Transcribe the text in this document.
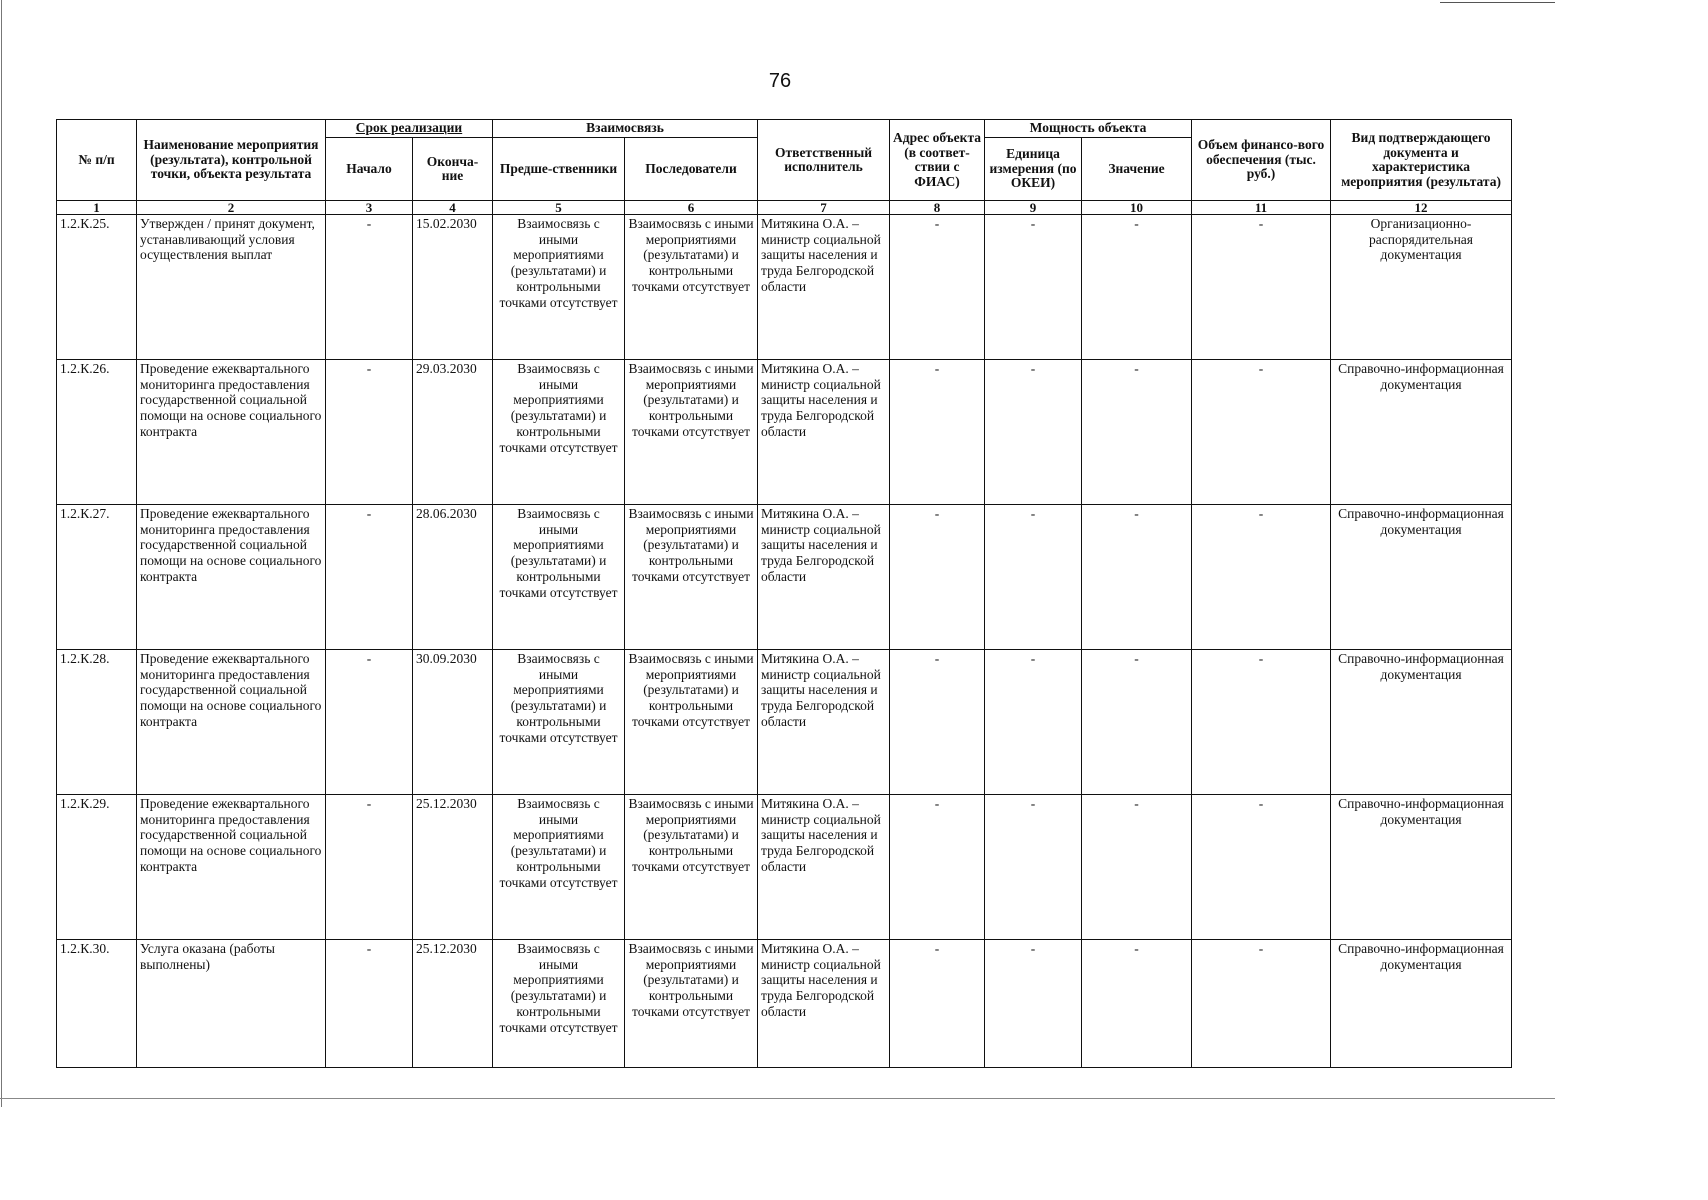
76
№ п/п	Наименование мероприятия (результата), контрольной точки, объекта результата	Срок реализации		Взаимосвязь		Ответственный исполнитель	Адрес объекта (в соответ-ствии с ФИАС)	Мощность объекта		Объем финансо-вого обеспечения (тыс. руб.)	Вид подтверждающего документа и характеристика мероприятия (результата)
		Начало	Оконча-ние	Предше-ственники	Последователи			Единица измерения (по ОКЕИ)	Значение		
1	2	3	4	5	6	7	8	9	10	11	12
1.2.К.25.	Утвержден / принят документ, устанавливающий условия осуществления выплат	-	15.02.2030	Взаимосвязь с иными мероприятиями (результатами) и контрольными точками отсутствует	Взаимосвязь с иными мероприятиями (результатами) и контрольными точками отсутствует	Митякина О.А. – министр социальной защиты населения и труда Белгородской области	-	-	-	-	Организационно-распорядительная документация
1.2.К.26.	Проведение ежеквартального мониторинга предоставления государственной социальной помощи на основе социального контракта	-	29.03.2030	Взаимосвязь с иными мероприятиями (результатами) и контрольными точками отсутствует	Взаимосвязь с иными мероприятиями (результатами) и контрольными точками отсутствует	Митякина О.А. – министр социальной защиты населения и труда Белгородской области	-	-	-	-	Справочно-информационная документация
1.2.К.27.	Проведение ежеквартального мониторинга предоставления государственной социальной помощи на основе социального контракта	-	28.06.2030	Взаимосвязь с иными мероприятиями (результатами) и контрольными точками отсутствует	Взаимосвязь с иными мероприятиями (результатами) и контрольными точками отсутствует	Митякина О.А. – министр социальной защиты населения и труда Белгородской области	-	-	-	-	Справочно-информационная документация
1.2.К.28.	Проведение ежеквартального мониторинга предоставления государственной социальной помощи на основе социального контракта	-	30.09.2030	Взаимосвязь с иными мероприятиями (результатами) и контрольными точками отсутствует	Взаимосвязь с иными мероприятиями (результатами) и контрольными точками отсутствует	Митякина О.А. – министр социальной защиты населения и труда Белгородской области	-	-	-	-	Справочно-информационная документация
1.2.К.29.	Проведение ежеквартального мониторинга предоставления государственной социальной помощи на основе социального контракта	-	25.12.2030	Взаимосвязь с иными мероприятиями (результатами) и контрольными точками отсутствует	Взаимосвязь с иными мероприятиями (результатами) и контрольными точками отсутствует	Митякина О.А. – министр социальной защиты населения и труда Белгородской области	-	-	-	-	Справочно-информационная документация
1.2.К.30.	Услуга оказана (работы выполнены)	-	25.12.2030	Взаимосвязь с иными мероприятиями (результатами) и контрольными точками отсутствует	Взаимосвязь с иными мероприятиями (результатами) и контрольными точками отсутствует	Митякина О.А. – министр социальной защиты населения и труда Белгородской области	-	-	-	-	Справочно-информационная документация
